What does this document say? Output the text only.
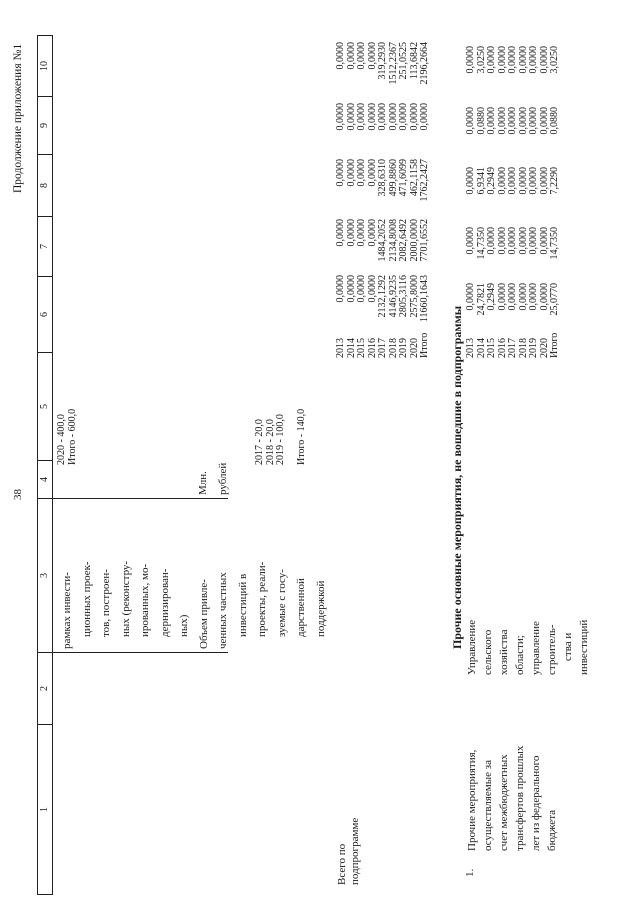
38
Продолжение приложения №1
1
2
3
4
5
6
7
8
9
10
рамках инвести- ционных проек- тов, построен- ных (реконстру- ированных, мо- дернизирован- ных) Объем привле- ченных частных инвестиций в проекты, реали- зуемые с госу- дарственной поддержкой
Млн. рублей
2020 - 400,0 Итого - 600,0	2017 - 20,0 2018 - 20,0 2019 - 100,0 Итого - 140,0
Всего по подпрограмме
2013 2014 2015 2016 2017 2018 2019 2020 Итого
0,0000 0,0000 0,0000 0,0000 2132,1292 4146,9235 2805,3116 2575,8000 11660,1643
0,0000 0,0000 0,0000 0,0000 1484,2052 2134,8008 2082,6492 2000,0000 7701,6552
0,0000 0,0000 0,0000 0,0000 328,6310 499,8860 471,6099 462,1158 1762,2427
0,0000 0,0000 0,0000 0,0000 0,0000 0,0000 0,0000 0,0000 0,0000
0,0000 0,0000 0,0000 0,0000 319,2930 1512,2367 251,0525 113,6842 2196,2664
Прочие основные мероприятия, не вошедшие в подпрограммы
1.
Прочие мероприятия, осуществляемые за счет межбюджетных трансфертов прошлых лет из федерального бюджета
Управление сельского хозяйства области; управление строитель- ства и инвестиций
2013 2014 2015 2016 2017 2018 2019 2020 Итого
0,0000 24,7821 0,2949 0,0000 0,0000 0,0000 0,0000 0,0000 25,0770
0,0000 14,7350 0,0000 0,0000 0,0000 0,0000 0,0000 0,0000 14,7350
0,0000 6,9341 0,2949 0,0000 0,0000 0,0000 0,0000 0,0000 7,2290
0,0000 0,0880 0,0000 0,0000 0,0000 0,0000 0,0000 0,0000 0,0880
0,0000 3,0250 0,0000 0,0000 0,0000 0,0000 0,0000 0,0000 3,0250
